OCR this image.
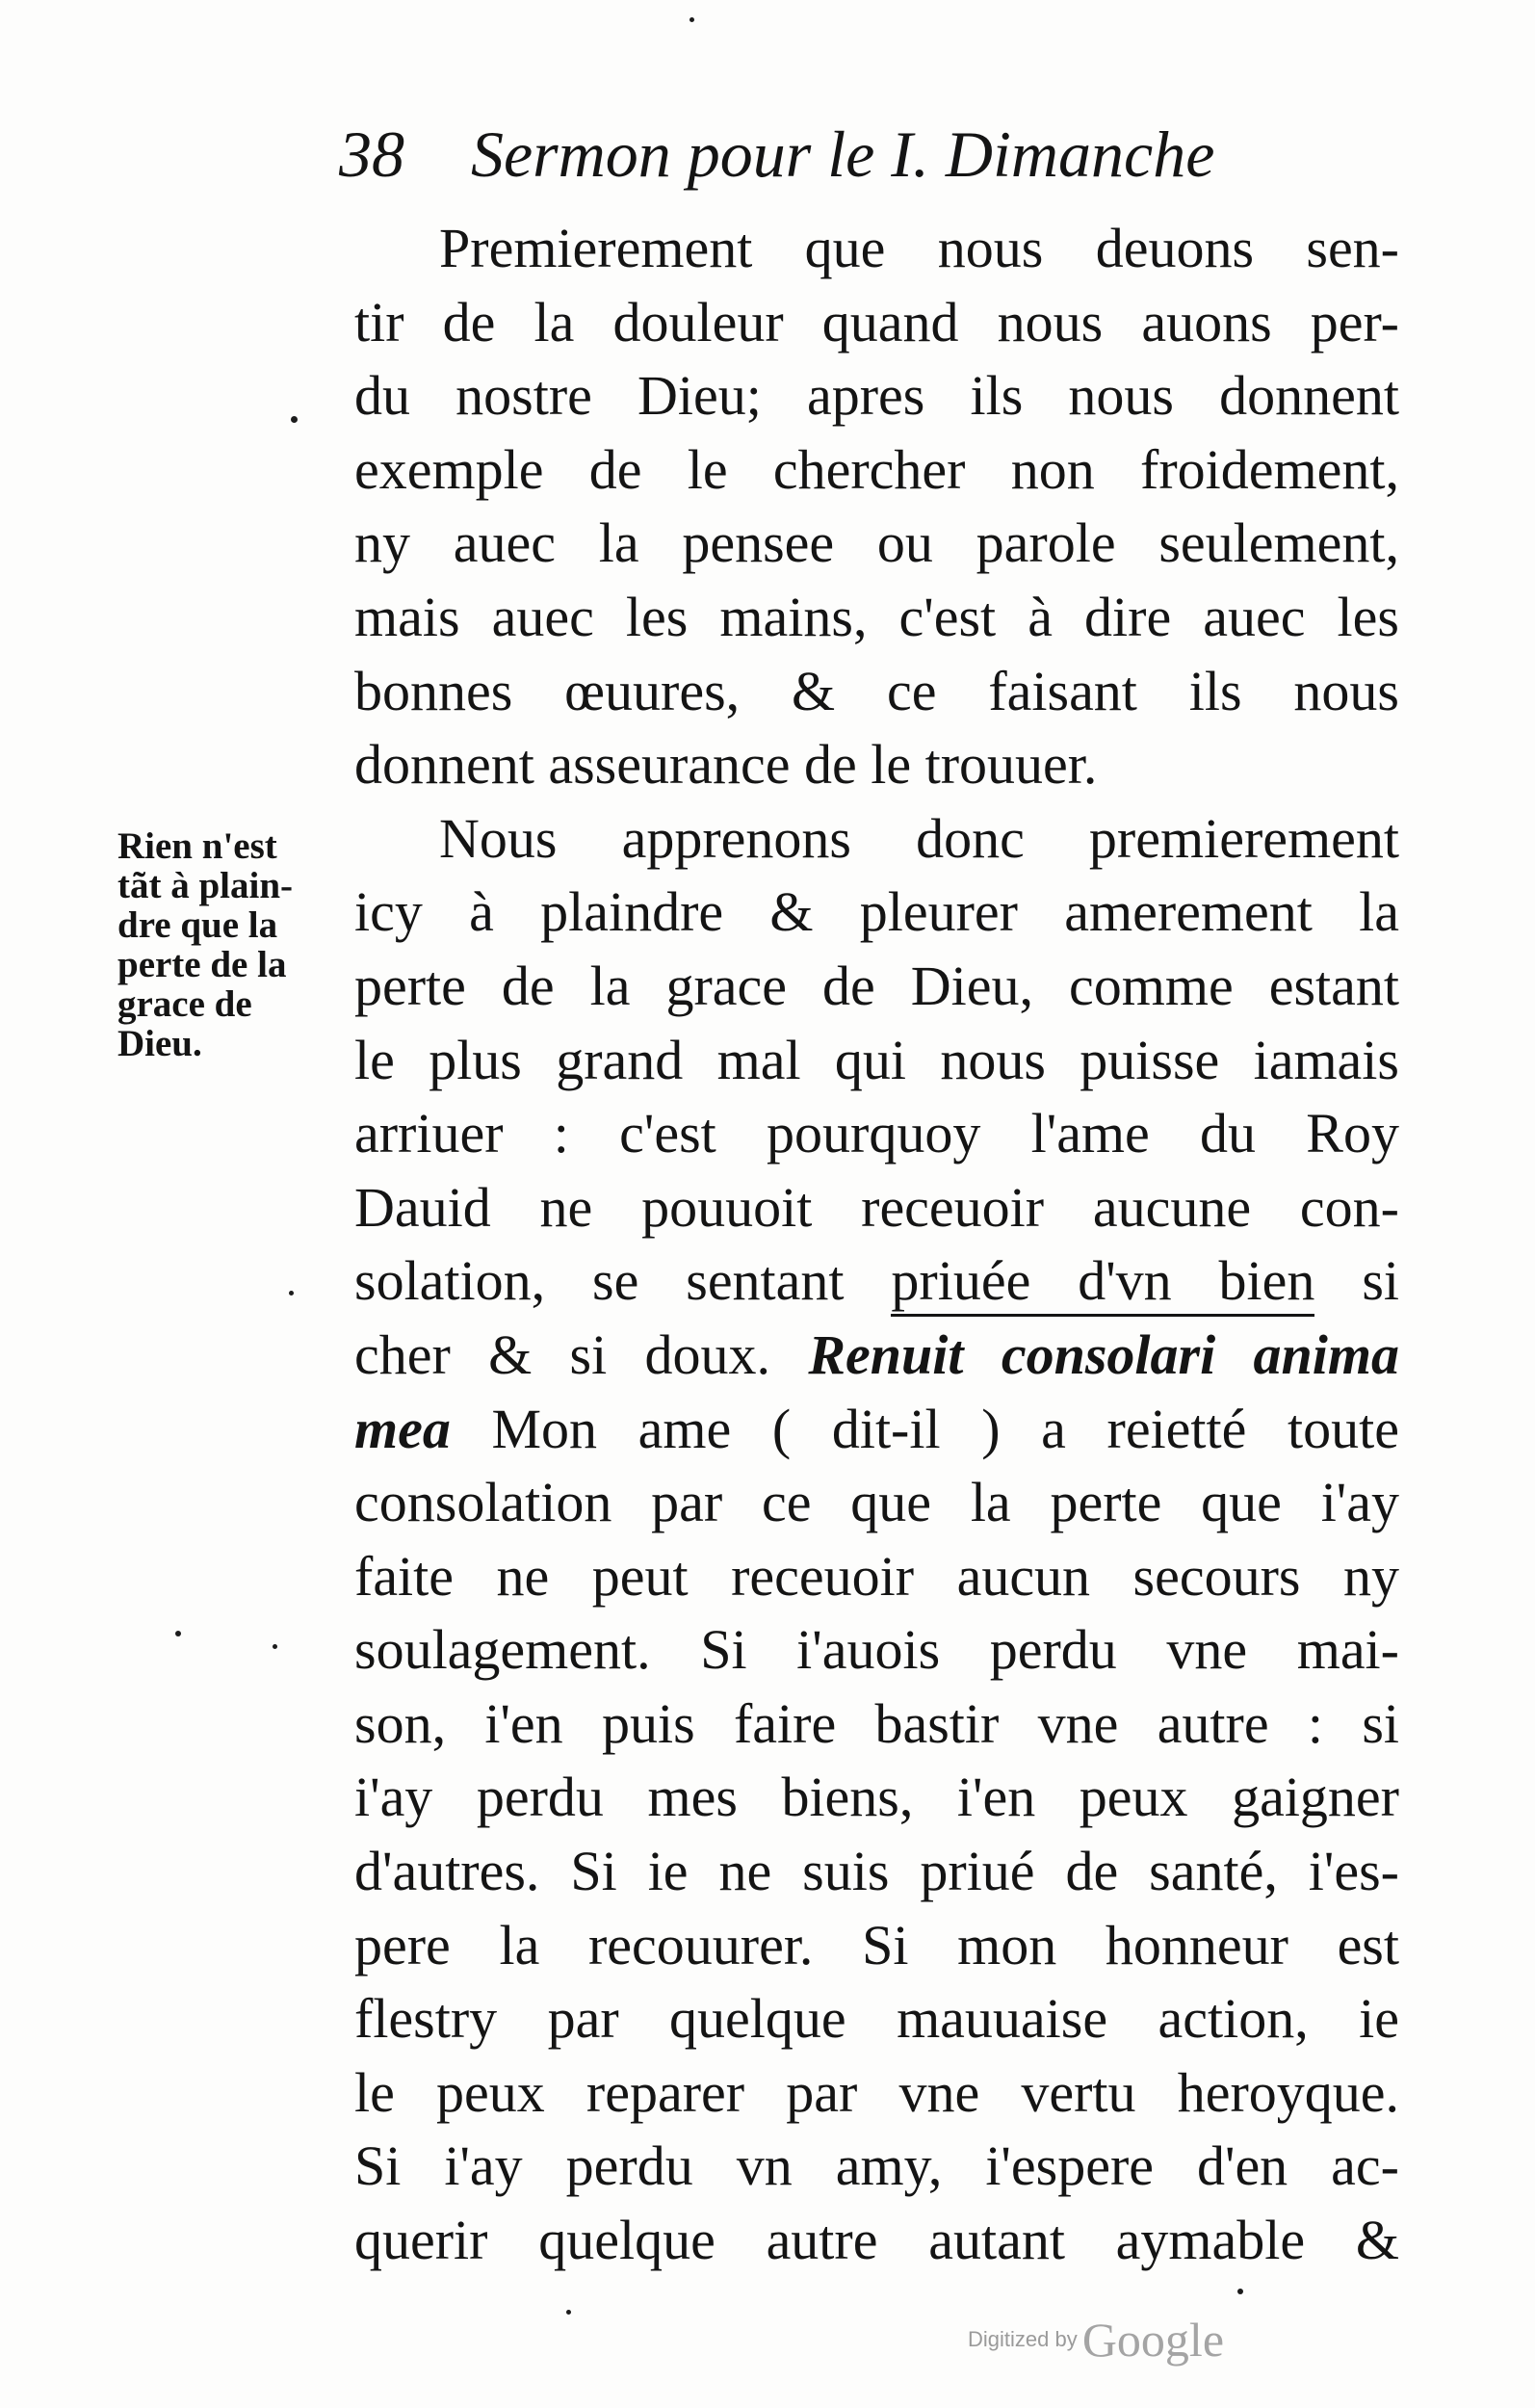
38 Sermon pour le I. Dimanche
Premierement que nous deuons sen-
tir de la douleur quand nous auons per-
du nostre Dieu; apres ils nous donnent
exemple de le chercher non froidement,
ny auec la pensee ou parole seulement,
mais auec les mains, c'est à dire auec les
bonnes œuures, & ce faisant ils nous
donnent asseurance de le trouuer.
Nous apprenons donc premierement
icy à plaindre & pleurer amerement la
perte de la grace de Dieu, comme estant
le plus grand mal qui nous puisse iamais
arriuer : c'est pourquoy l'ame du Roy
Dauid ne pouuoit receuoir aucune con-
solation, se sentant priuée d'vn bien si
cher & si doux. Renuit consolari anima
mea Mon ame ( dit-il ) a reietté toute
consolation par ce que la perte que i'ay
faite ne peut receuoir aucun secours ny
soulagement. Si i'auois perdu vne mai-
son, i'en puis faire bastir vne autre : si
i'ay perdu mes biens, i'en peux gaigner
d'autres. Si ie ne suis priué de santé, i'es-
pere la recouurer. Si mon honneur est
flestry par quelque mauuaise action, ie
le peux reparer par vne vertu heroyque.
Si i'ay perdu vn amy, i'espere d'en ac-
querir quelque autre autant aymable &
Rien n'est
tãt à plain-
dre que la
perte de la
grace de
Dieu.
Digitized by Google
